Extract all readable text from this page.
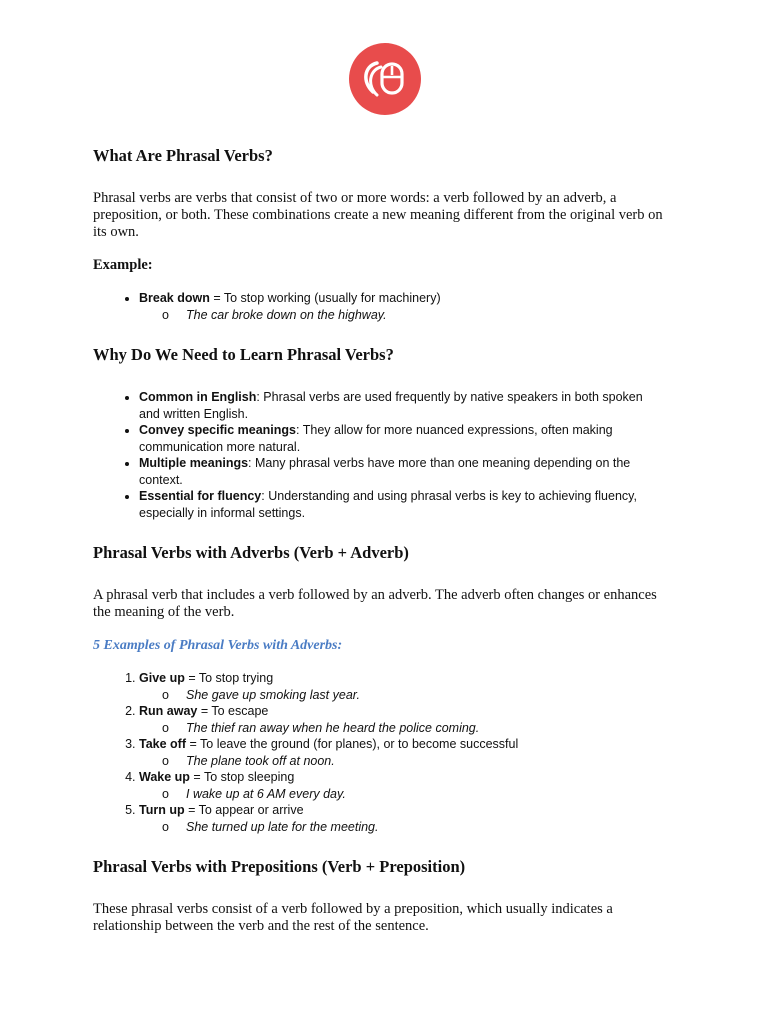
What Are Phrasal Verbs?

Phrasal verbs are verbs that consist of two or more words: a verb followed by an adverb, a preposition, or both. These combinations create a new meaning different from the original verb on its own.

Example:

• Break down = To stop working (usually for machinery)
o The car broke down on the highway.
Why Do We Need to Learn Phrasal Verbs?
• Common in English: Phrasal verbs are used frequently by native speakers in both spoken and written English.
• Convey specific meanings: They allow for more nuanced expressions, often making communication more natural.
• Multiple meanings: Many phrasal verbs have more than one meaning depending on the context.
• Essential for fluency: Understanding and using phrasal verbs is key to achieving fluency, especially in informal settings.
Phrasal Verbs with Adverbs (Verb + Adverb)

A phrasal verb that includes a verb followed by an adverb. The adverb often changes or enhances the meaning of the verb.

5 Examples of Phrasal Verbs with Adverbs:

1. Give up = To stop trying
o She gave up smoking last year.
2. Run away = To escape
o The thief ran away when he heard the police coming.
3. Take off = To leave the ground (for planes), or to become successful
o The plane took off at noon.
4. Wake up = To stop sleeping
o I wake up at 6 AM every day.
5. Turn up = To appear or arrive
o She turned up late for the meeting.
Phrasal Verbs with Prepositions (Verb + Preposition)

These phrasal verbs consist of a verb followed by a preposition, which usually indicates a relationship between the verb and the rest of the sentence.
